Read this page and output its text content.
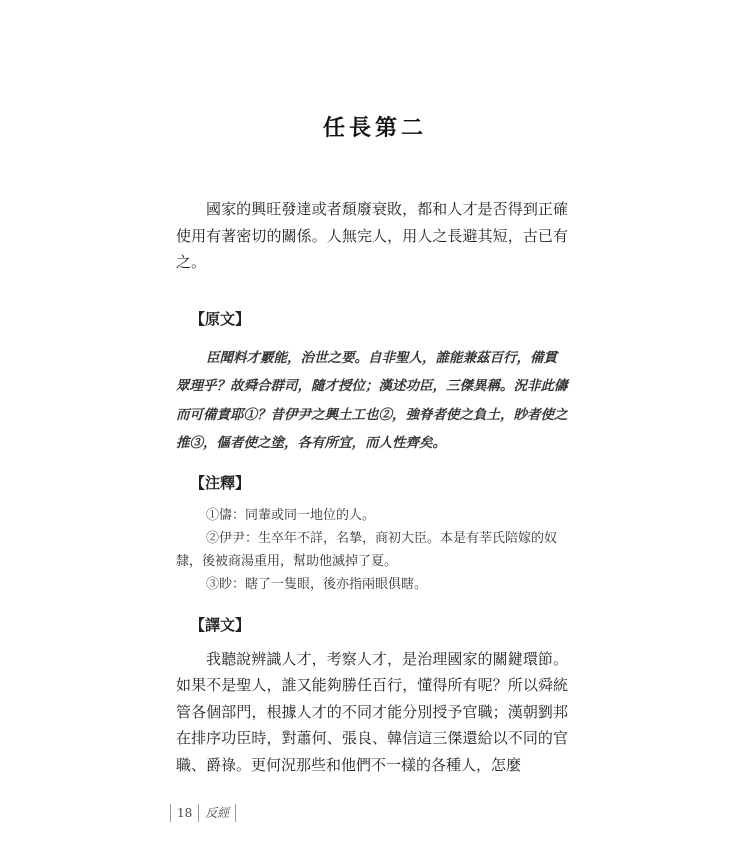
任長第二

國家的興旺發達或者頹廢衰敗，都和人才是否得到正確使用有著密切的關係。人無完人，用人之長避其短，古已有之。

【原文】

臣聞料才覈能，治世之要。自非聖人，誰能兼茲百行，備貫眾理乎？故舜合群司，隨才授位；漢述功臣，三傑異稱。況非此儔而可備責耶①？昔伊尹之興土工也②，強脊者使之負土，眇者使之推③，傴者使之塗，各有所宜，而人性齊矣。

【注釋】

①儔：同輩或同一地位的人。

②伊尹：生卒年不詳，名摯，商初大臣。本是有莘氏陪嫁的奴隸，後被商湯重用，幫助他滅掉了夏。

③眇：瞎了一隻眼，後亦指兩眼俱瞎。

【譯文】

我聽說辨識人才，考察人才，是治理國家的關鍵環節。如果不是聖人，誰又能夠勝任百行，懂得所有呢？所以舜統管各個部門，根據人才的不同才能分別授予官職；漢朝劉邦在排序功臣時，對蕭何、張良、韓信這三傑還給以不同的官職、爵祿。更何況那些和他們不一樣的各種人，怎麼

18 反經
